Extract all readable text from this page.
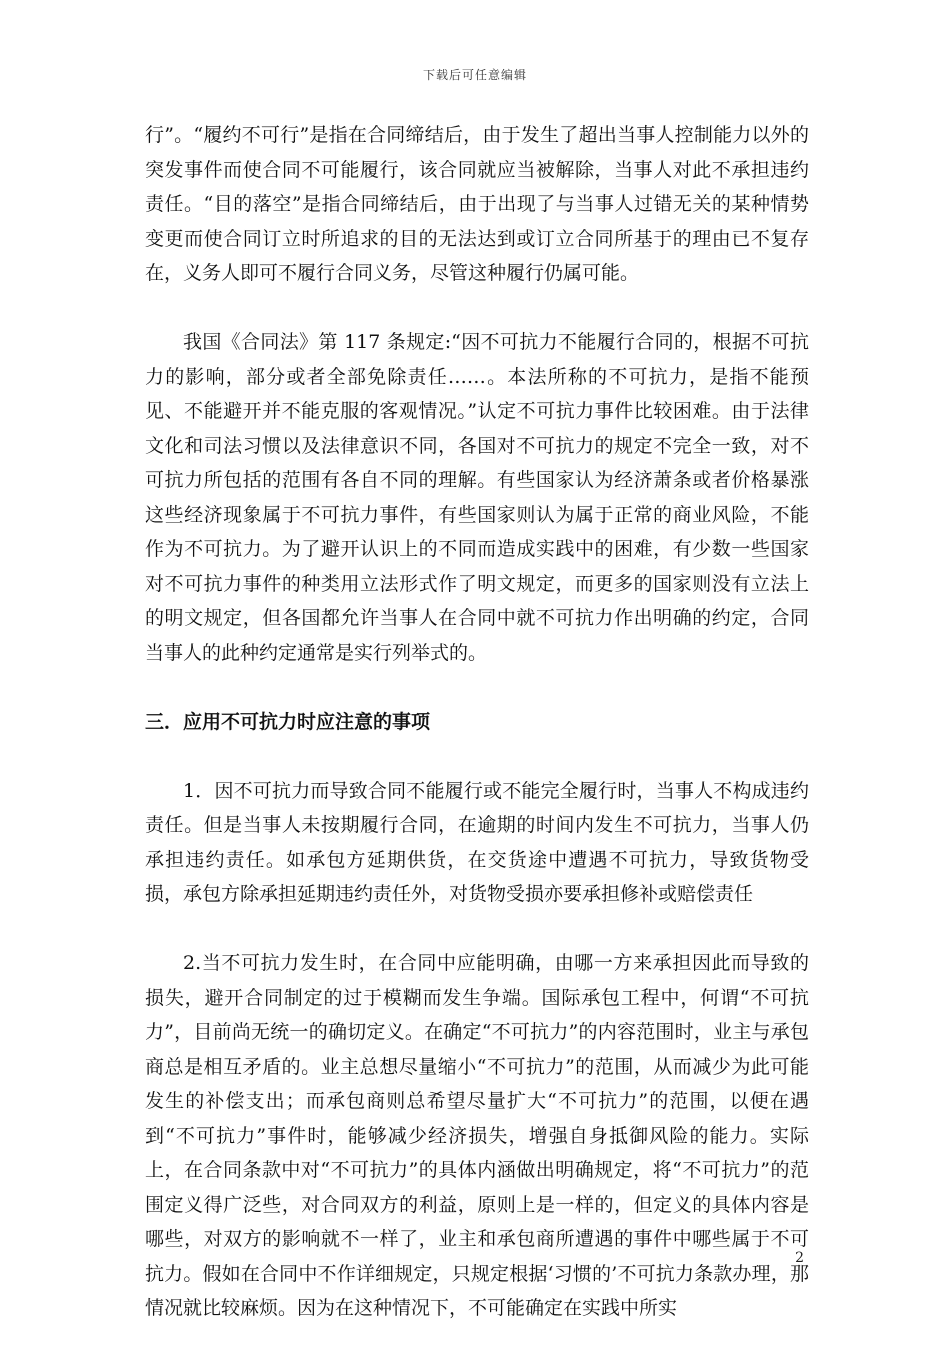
下载后可任意编辑

行”。“履约不可行”是指在合同缔结后，由于发生了超出当事人控制能力以外的突发事件而使合同不可能履行，该合同就应当被解除，当事人对此不承担违约责任。“目的落空”是指合同缔结后，由于出现了与当事人过错无关的某种情势变更而使合同订立时所追求的目的无法达到或订立合同所基于的理由已不复存在，义务人即可不履行合同义务，尽管这种履行仍属可能。

我国《合同法》第 117 条规定:“因不可抗力不能履行合同的，根据不可抗力的影响，部分或者全部免除责任……。本法所称的不可抗力，是指不能预见、不能避开并不能克服的客观情况。”认定不可抗力事件比较困难。由于法律文化和司法习惯以及法律意识不同，各国对不可抗力的规定不完全一致，对不可抗力所包括的范围有各自不同的理解。有些国家认为经济萧条或者价格暴涨这些经济现象属于不可抗力事件，有些国家则认为属于正常的商业风险，不能作为不可抗力。为了避开认识上的不同而造成实践中的困难，有少数一些国家对不可抗力事件的种类用立法形式作了明文规定，而更多的国家则没有立法上的明文规定，但各国都允许当事人在合同中就不可抗力作出明确的约定，合同当事人的此种约定通常是实行列举式的。

三．应用不可抗力时应注意的事项

1．因不可抗力而导致合同不能履行或不能完全履行时，当事人不构成违约责任。但是当事人未按期履行合同，在逾期的时间内发生不可抗力，当事人仍承担违约责任。如承包方延期供货，在交货途中遭遇不可抗力，导致货物受损，承包方除承担延期违约责任外，对货物受损亦要承担修补或赔偿责任

2.当不可抗力发生时，在合同中应能明确，由哪一方来承担因此而导致的损失，避开合同制定的过于模糊而发生争端。国际承包工程中，何谓“不可抗力”，目前尚无统一的确切定义。在确定“不可抗力”的内容范围时，业主与承包商总是相互矛盾的。业主总想尽量缩小“不可抗力”的范围，从而减少为此可能发生的补偿支出；而承包商则总希望尽量扩大“不可抗力”的范围，以便在遇到“不可抗力”事件时，能够减少经济损失，增强自身抵御风险的能力。实际上，在合同条款中对“不可抗力”的具体内涵做出明确规定，将“不可抗力”的范围定义得广泛些，对合同双方的利益，原则上是一样的，但定义的具体内容是哪些，对双方的影响就不一样了，业主和承包商所遭遇的事件中哪些属于不可抗力。假如在合同中不作详细规定，只规定根据‘习惯的’不可抗力条款办理，那情况就比较麻烦。因为在这种情况下，不可能确定在实践中所实

2
